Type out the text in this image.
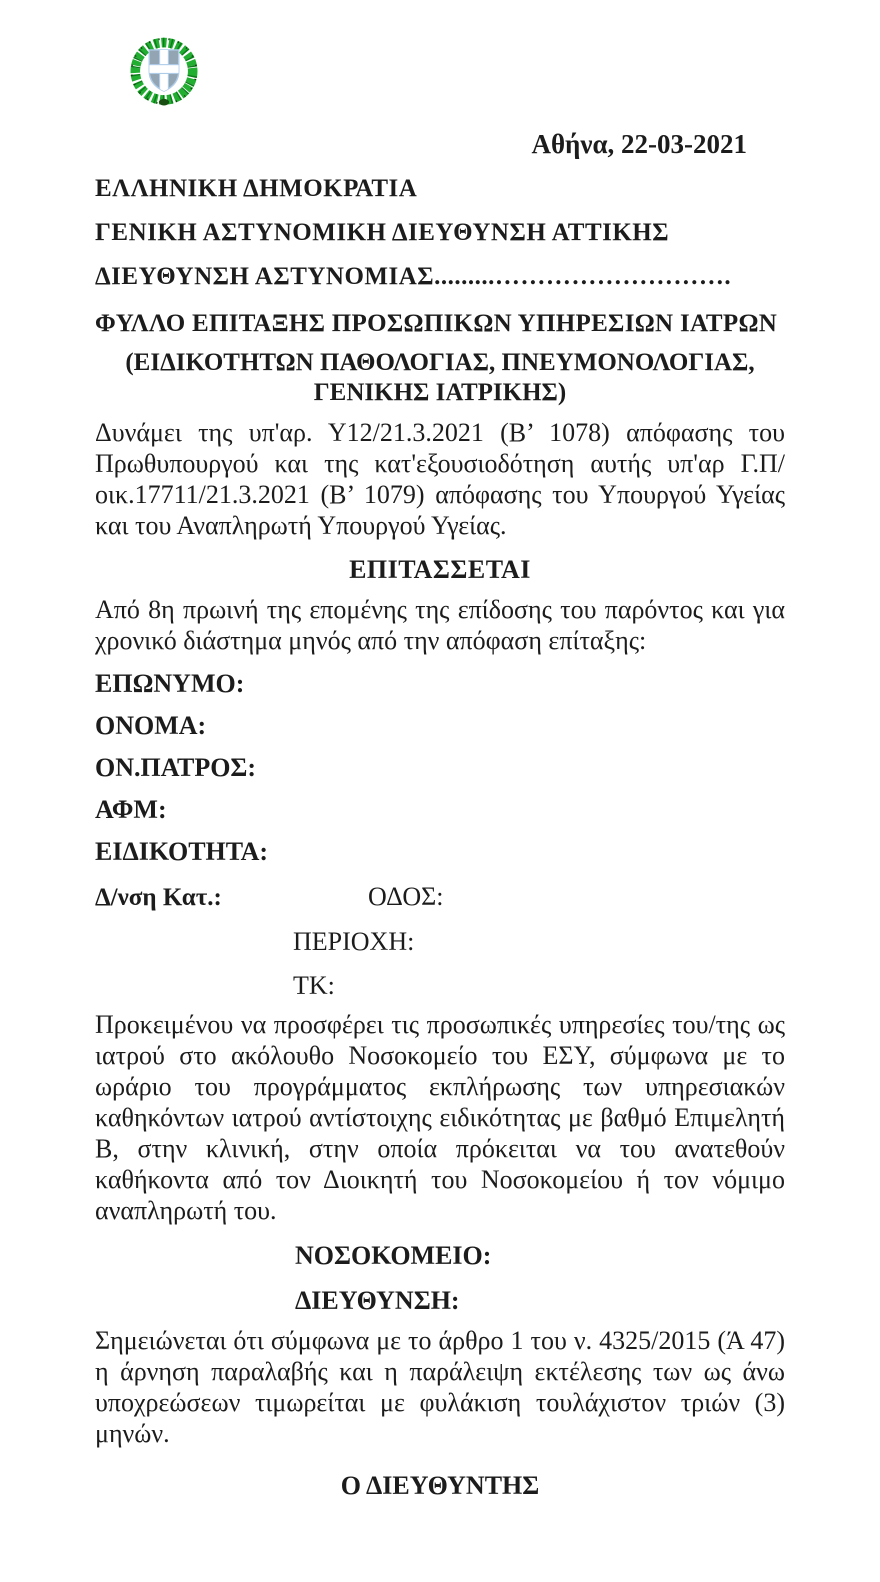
Αθήνα, 22-03-2021
ΕΛΛΗΝΙΚΗ ΔΗΜΟΚΡΑΤΙΑ
ΓΕΝΙΚΗ ΑΣΤΥΝΟΜΙΚΗ ΔΙΕΥΘΥΝΣΗ ΑΤΤΙΚΗΣ
ΔΙΕΥΘΥΝΣΗ ΑΣΤΥΝΟΜΙΑΣ.........……………………….
ΦΥΛΛΟ ΕΠΙΤΑΞΗΣ ΠΡΟΣΩΠΙΚΩΝ ΥΠΗΡΕΣΙΩΝ ΙΑΤΡΩΝ
(ΕΙΔΙΚΟΤΗΤΩΝ ΠΑΘΟΛΟΓΙΑΣ, ΠΝΕΥΜΟΝΟΛΟΓΙΑΣ, ΓΕΝΙΚΗΣ ΙΑΤΡΙΚΗΣ)
Δυνάμει της υπ'αρ. Υ12/21.3.2021 (Β’ 1078) απόφασης του Πρωθυπουργού και της κατ'εξουσιοδότηση αυτής υπ'αρ Γ.Π/ οικ.17711/21.3.2021 (Β’ 1079) απόφασης του Υπουργού Υγείας και του Αναπληρωτή Υπουργού Υγείας.
ΕΠΙΤΑΣΣΕΤΑΙ
Από 8η πρωινή της επομένης της επίδοσης του παρόντος και για χρονικό διάστημα μηνός από την απόφαση επίταξης:
ΕΠΩΝΥΜΟ:
ΟΝΟΜΑ:
ΟΝ.ΠΑΤΡΟΣ:
ΑΦΜ:
ΕΙΔΙΚΟΤΗΤΑ:
Δ/νση Κατ.:	ΟΔΟΣ:
ΠΕΡΙΟΧΗ:
ΤΚ:
Προκειμένου να προσφέρει τις προσωπικές υπηρεσίες του/της ως ιατρού στο ακόλουθο Νοσοκομείο του ΕΣΥ, σύμφωνα με το ωράριο του προγράμματος εκπλήρωσης των υπηρεσιακών καθηκόντων ιατρού αντίστοιχης ειδικότητας με βαθμό Επιμελητή Β, στην κλινική, στην οποία πρόκειται να του ανατεθούν καθήκοντα από τον Διοικητή του Νοσοκομείου ή τον νόμιμο αναπληρωτή του.
ΝΟΣΟΚΟΜΕΙΟ:
ΔΙΕΥΘΥΝΣΗ:
Σημειώνεται ότι σύμφωνα με το άρθρο 1 του ν. 4325/2015 (Ά 47) η άρνηση παραλαβής και η παράλειψη εκτέλεσης των ως άνω υποχρεώσεων τιμωρείται με φυλάκιση τουλάχιστον τριών (3) μηνών.
Ο ΔΙΕΥΘΥΝΤΗΣ
